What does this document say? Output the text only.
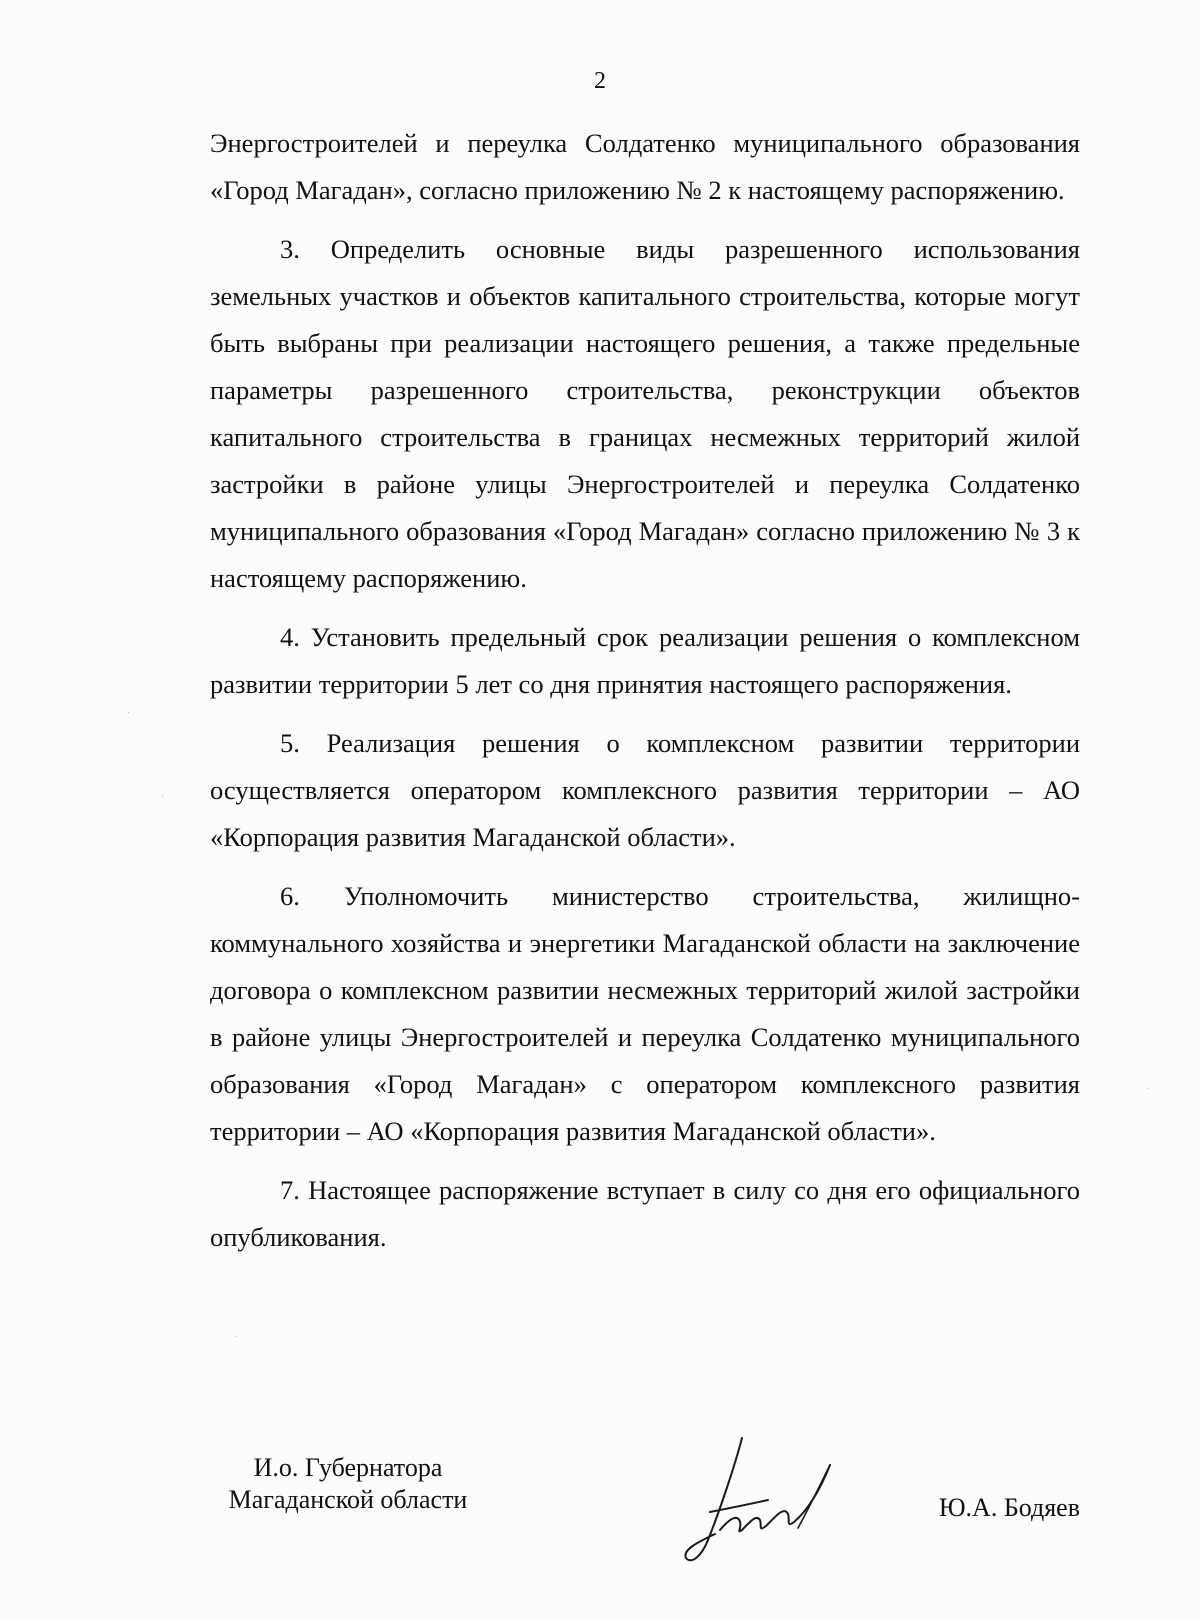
2

Энергостроителей и переулка Солдатенко муниципального образования «Город Магадан», согласно приложению № 2 к настоящему распоряжению.

3. Определить основные виды разрешенного использования земельных участков и объектов капитального строительства, которые могут быть выбраны при реализации настоящего решения, а также предельные параметры разрешенного строительства, реконструкции объектов капитального строительства в границах несмежных территорий жилой застройки в районе улицы Энергостроителей и переулка Солдатенко муниципального образования «Город Магадан» согласно приложению № 3 к настоящему распоряжению.

4. Установить предельный срок реализации решения о комплексном развитии территории 5 лет со дня принятия настоящего распоряжения.

5. Реализация решения о комплексном развитии территории осуществляется оператором комплексного развития территории – АО «Корпорация развития Магаданской области».

6. Уполномочить министерство строительства, жилищно-коммунального хозяйства и энергетики Магаданской области на заключение договора о комплексном развитии несмежных территорий жилой застройки в районе улицы Энергостроителей и переулка Солдатенко муниципального образования «Город Магадан» с оператором комплексного развития территории – АО «Корпорация развития Магаданской области».

7. Настоящее распоряжение вступает в силу со дня его официального опубликования.

И.о. Губернатора
Магаданской области	Ю.А. Бодяев
